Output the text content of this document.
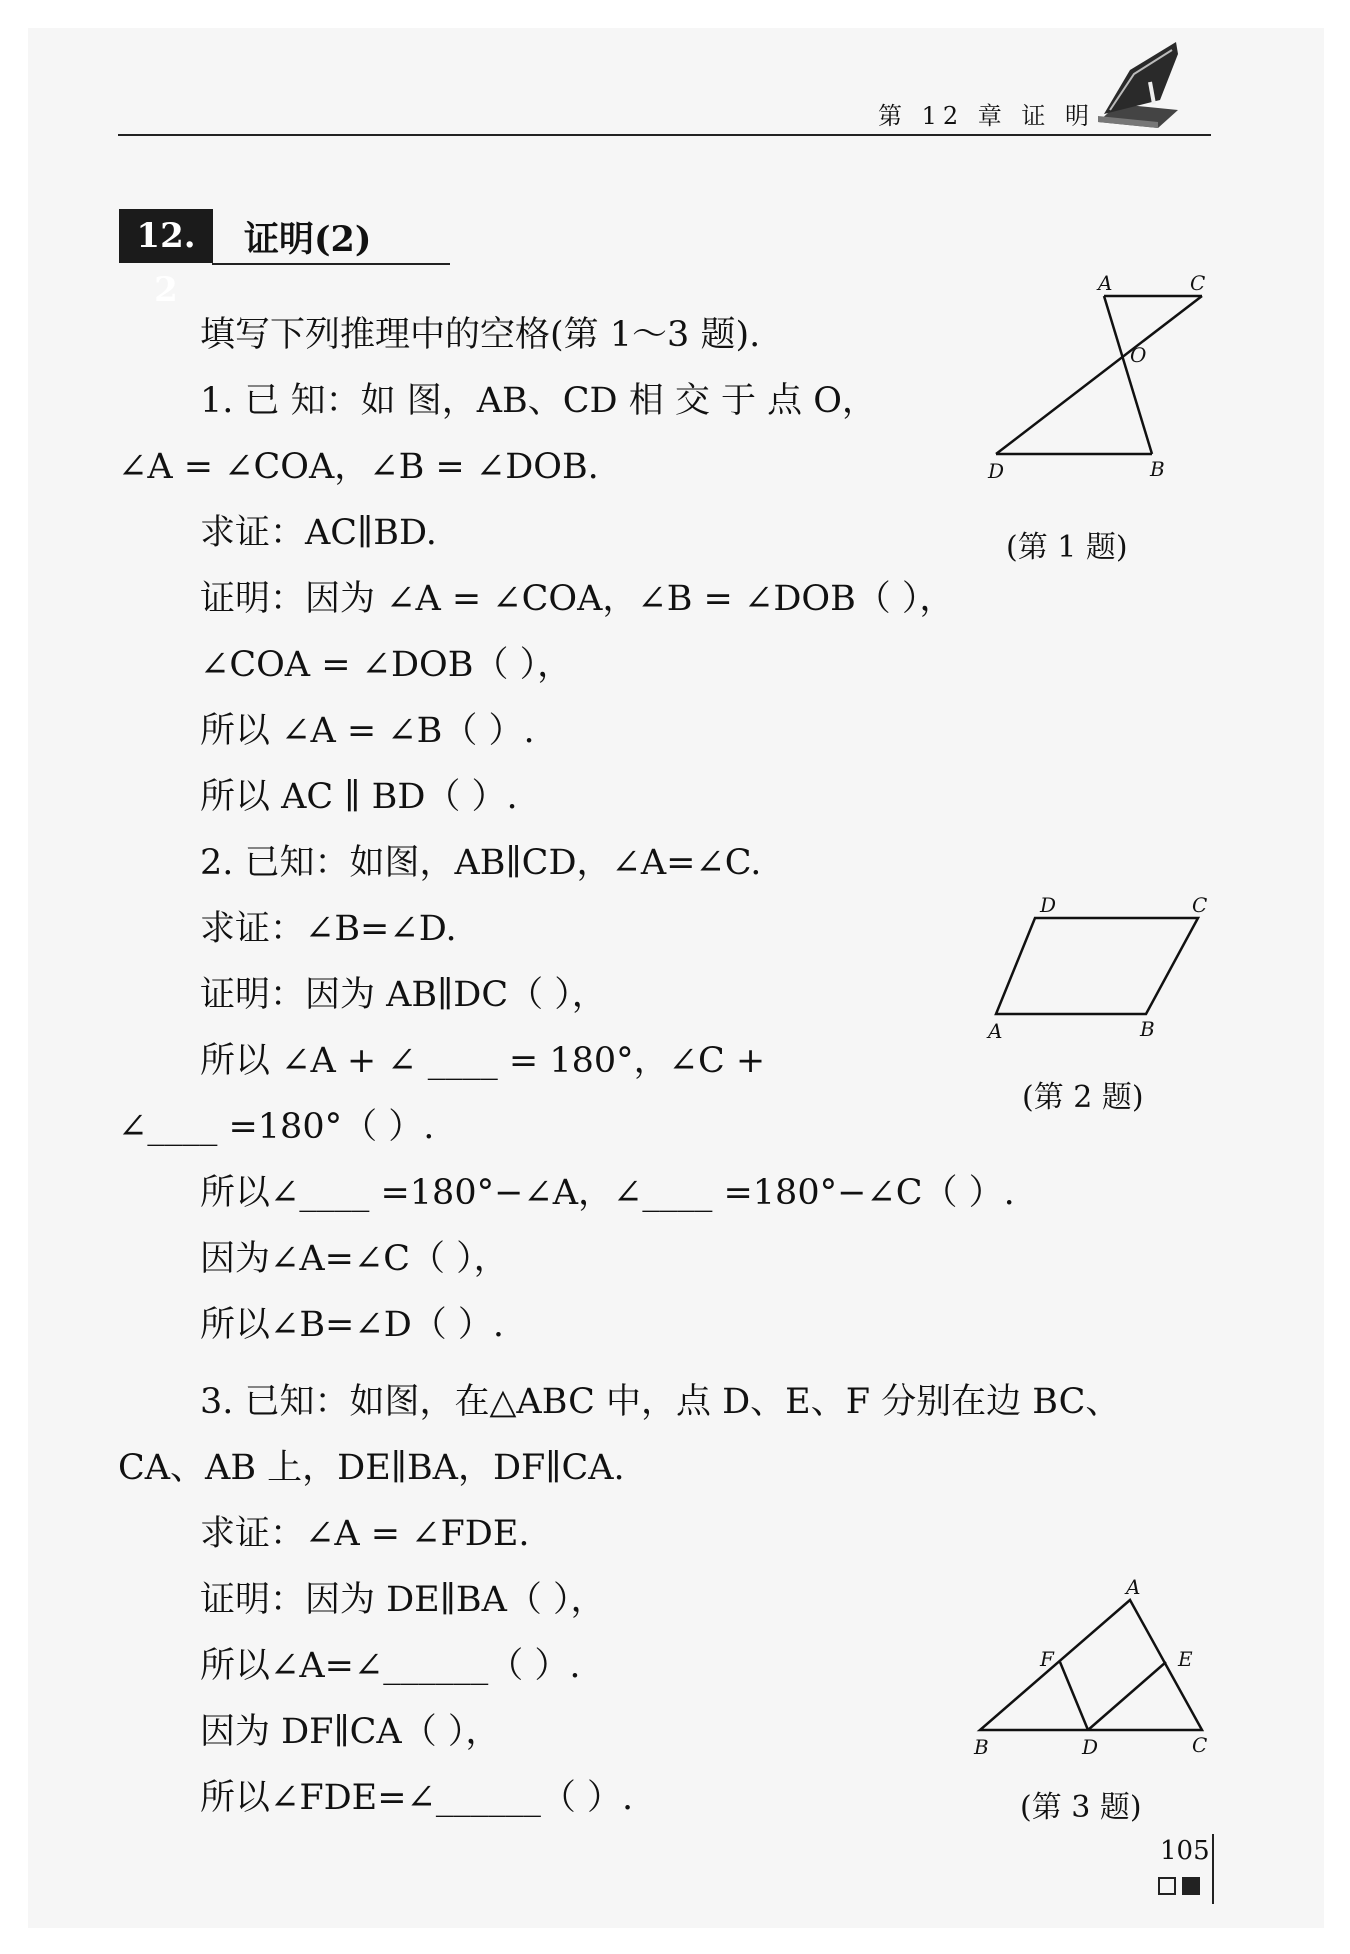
第 12 章 证 明
12. 2
证明(2)
填写下列推理中的空格(第 1～3 题).
1. 已 知：如 图，AB、CD 相 交 于 点 O，
∠A = ∠COA，∠B = ∠DOB.
求证：AC∥BD.
证明：因为 ∠A = ∠COA，∠B = ∠DOB（ ），
∠COA = ∠DOB（ ），
所以 ∠A = ∠B（ ）.
所以 AC ∥ BD（ ）.
2. 已知：如图，AB∥CD，∠A=∠C.
求证：∠B=∠D.
证明：因为 AB∥DC（ ），
所以 ∠A + ∠ ____ = 180°，∠C +
∠____ =180°（ ）.
所以∠____ =180°−∠A，∠____ =180°−∠C（ ）.
因为∠A=∠C（ ），
所以∠B=∠D（ ）.
3. 已知：如图，在△ABC 中，点 D、E、F 分别在边 BC、
CA、AB 上，DE∥BA，DF∥CA.
求证：∠A = ∠FDE.
证明：因为 DE∥BA（ ），
所以∠A=∠______（ ）.
因为 DF∥CA（ ），
所以∠FDE=∠______（ ）.
A	C
O
D	B
(第 1 题)
D	C
A	B
(第 2 题)
A
F	E
B	D	C
(第 3 题)
105
